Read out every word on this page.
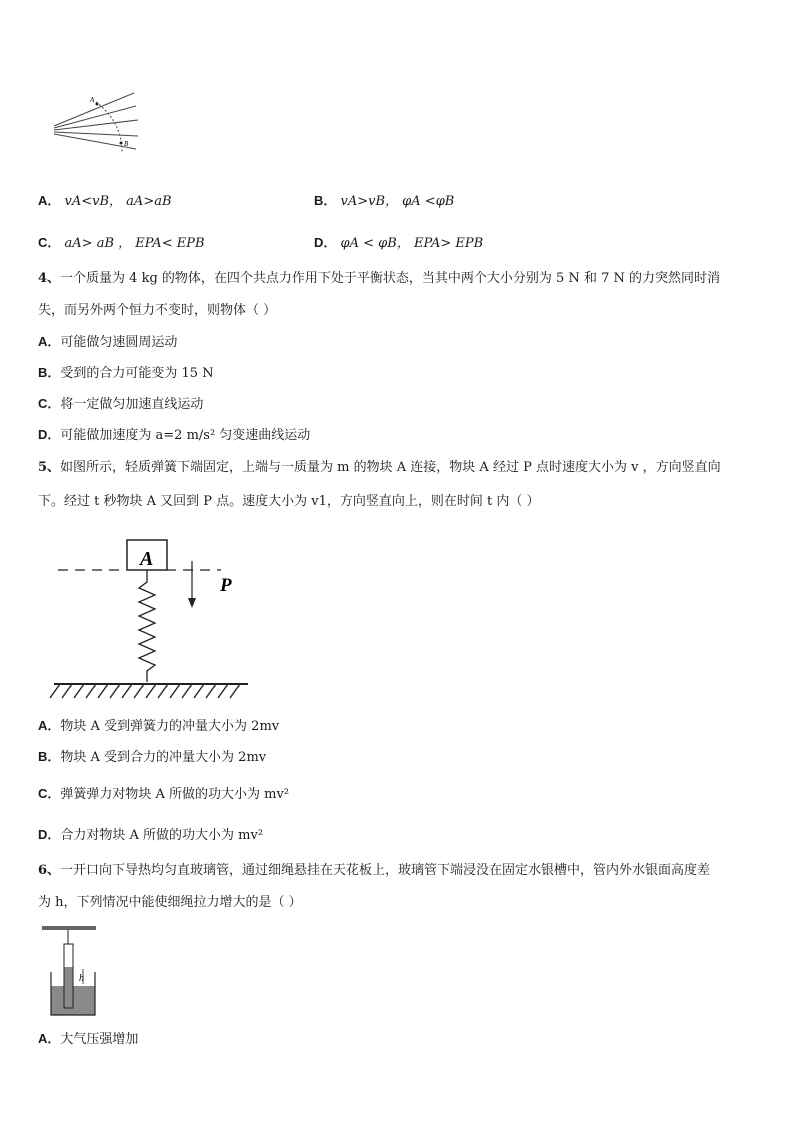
A
B
A． vA<vB， aA>aB	B． vA>vB， φA <φB
C． aA> aB ， EPA< EPB	D． φA < φB， EPA> EPB
4、一个质量为 4 kg 的物体，在四个共点力作用下处于平衡状态，当其中两个大小分别为 5 N 和 7 N 的力突然同时消
失，而另外两个恒力不变时，则物体（ ）
A．可能做匀速圆周运动
B．受到的合力可能变为 15 N
C．将一定做匀加速直线运动
D．可能做加速度为 a=2 m/s² 匀变速曲线运动
5、如图所示，轻质弹簧下端固定，上端与一质量为 m 的物块 A 连接，物块 A 经过 P 点时速度大小为 v ，方向竖直向
下。经过 t 秒物块 A 又回到 P 点。速度大小为 v1，方向竖直向上，则在时间 t 内（ ）
A
P
A．物块 A 受到弹簧力的冲量大小为 2mv
B．物块 A 受到合力的冲量大小为 2mv
C．弹簧弹力对物块 A 所做的功大小为 mv²
D．合力对物块 A 所做的功大小为 mv²
6、一开口向下导热均匀直玻璃管，通过细绳悬挂在天花板上，玻璃管下端浸没在固定水银槽中，管内外水银面高度差
为 h，下列情况中能使细绳拉力增大的是（ ）
h
A．大气压强增加
